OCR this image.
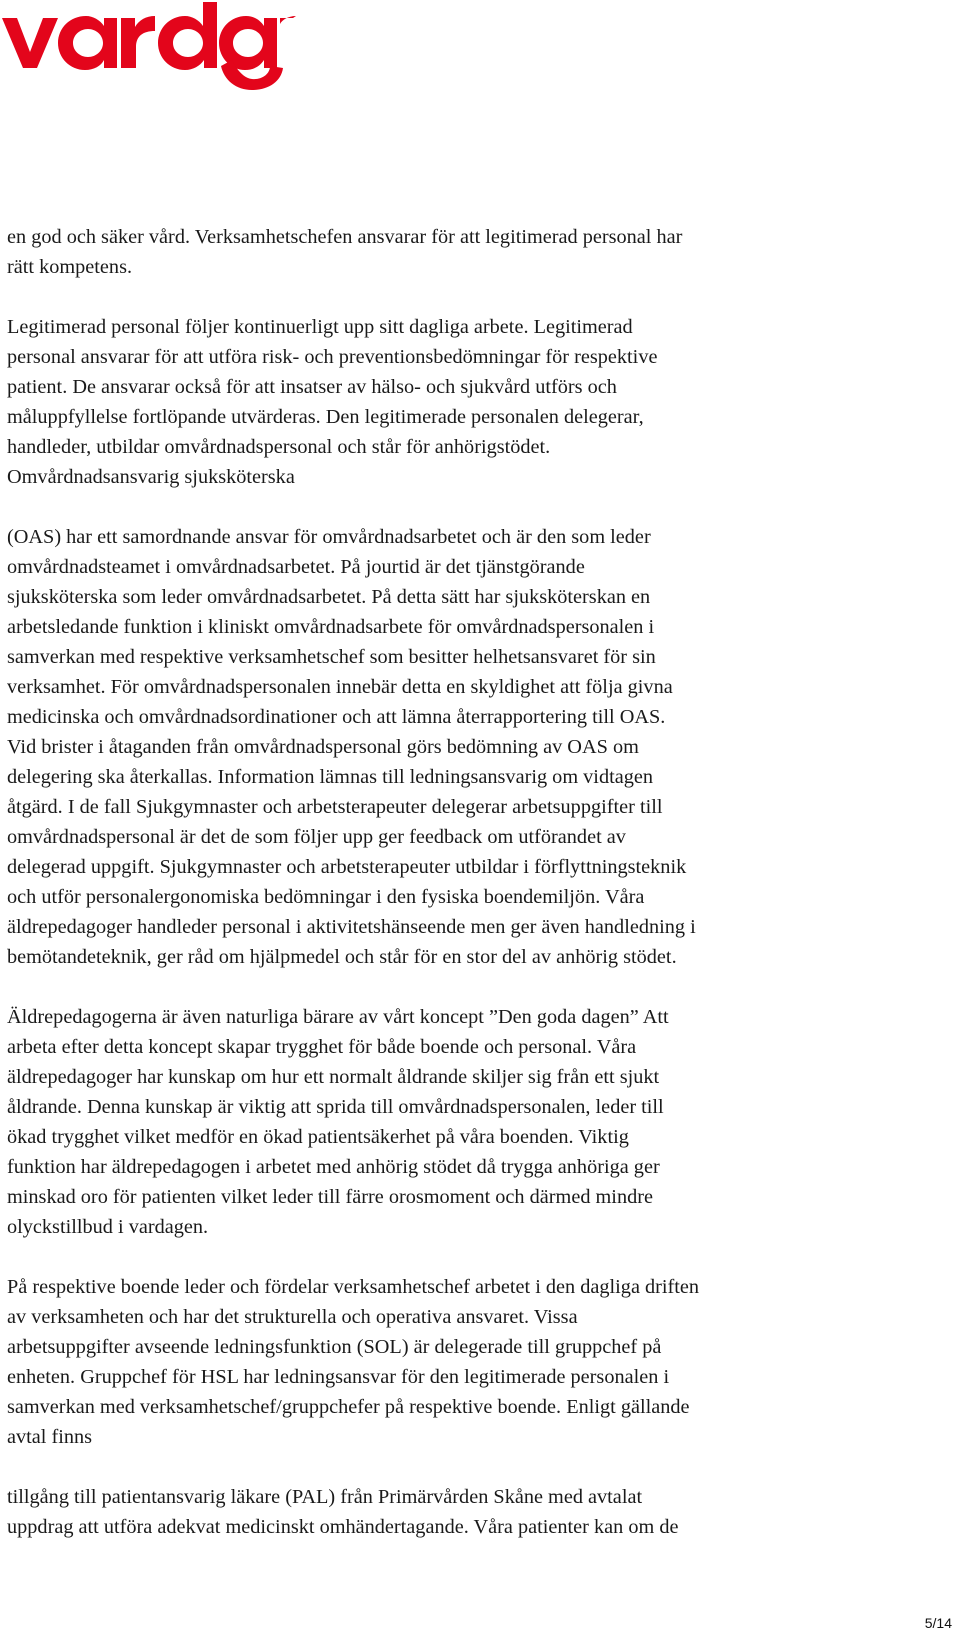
en god och säker vård. Verksamhetschefen ansvarar för att legitimerad personal har
rätt kompetens.
Legitimerad personal följer kontinuerligt upp sitt dagliga arbete. Legitimerad
personal ansvarar för att utföra risk- och preventionsbedömningar för respektive
patient. De ansvarar också för att insatser av hälso- och sjukvård utförs och
måluppfyllelse fortlöpande utvärderas. Den legitimerade personalen delegerar,
handleder, utbildar omvårdnadspersonal och står för anhörigstödet.
Omvårdnadsansvarig sjuksköterska
(OAS) har ett samordnande ansvar för omvårdnadsarbetet och är den som leder
omvårdnadsteamet i omvårdnadsarbetet. På jourtid är det tjänstgörande
sjuksköterska som leder omvårdnadsarbetet. På detta sätt har sjuksköterskan en
arbetsledande funktion i kliniskt omvårdnadsarbete för omvårdnadspersonalen i
samverkan med respektive verksamhetschef som besitter helhetsansvaret för sin
verksamhet. För omvårdnadspersonalen innebär detta en skyldighet att följa givna
medicinska och omvårdnadsordinationer och att lämna återrapportering till OAS.
Vid brister i åtaganden från omvårdnadspersonal görs bedömning av OAS om
delegering ska återkallas. Information lämnas till ledningsansvarig om vidtagen
åtgärd. I de fall Sjukgymnaster och arbetsterapeuter delegerar arbetsuppgifter till
omvårdnadspersonal är det de som följer upp ger feedback om utförandet av
delegerad uppgift. Sjukgymnaster och arbetsterapeuter utbildar i förflyttningsteknik
och utför personalergonomiska bedömningar i den fysiska boendemiljön. Våra
äldrepedagoger handleder personal i aktivitetshänseende men ger även handledning i
bemötandeteknik, ger råd om hjälpmedel och står för en stor del av anhörig stödet.
Äldrepedagogerna är även naturliga bärare av vårt koncept ”Den goda dagen” Att
arbeta efter detta koncept skapar trygghet för både boende och personal. Våra
äldrepedagoger har kunskap om hur ett normalt åldrande skiljer sig från ett sjukt
åldrande. Denna kunskap är viktig att sprida till omvårdnadspersonalen, leder till
ökad trygghet vilket medför en ökad patientsäkerhet på våra boenden. Viktig
funktion har äldrepedagogen i arbetet med anhörig stödet då trygga anhöriga ger
minskad oro för patienten vilket leder till färre orosmoment och därmed mindre
olyckstillbud i vardagen.
På respektive boende leder och fördelar verksamhetschef arbetet i den dagliga driften
av verksamheten och har det strukturella och operativa ansvaret. Vissa
arbetsuppgifter avseende ledningsfunktion (SOL) är delegerade till gruppchef på
enheten. Gruppchef för HSL har ledningsansvar för den legitimerade personalen i
samverkan med verksamhetschef/gruppchefer på respektive boende. Enligt gällande
avtal finns
tillgång till patientansvarig läkare (PAL) från Primärvården Skåne med avtalat
uppdrag att utföra adekvat medicinskt omhändertagande. Våra patienter kan om de
5/14
